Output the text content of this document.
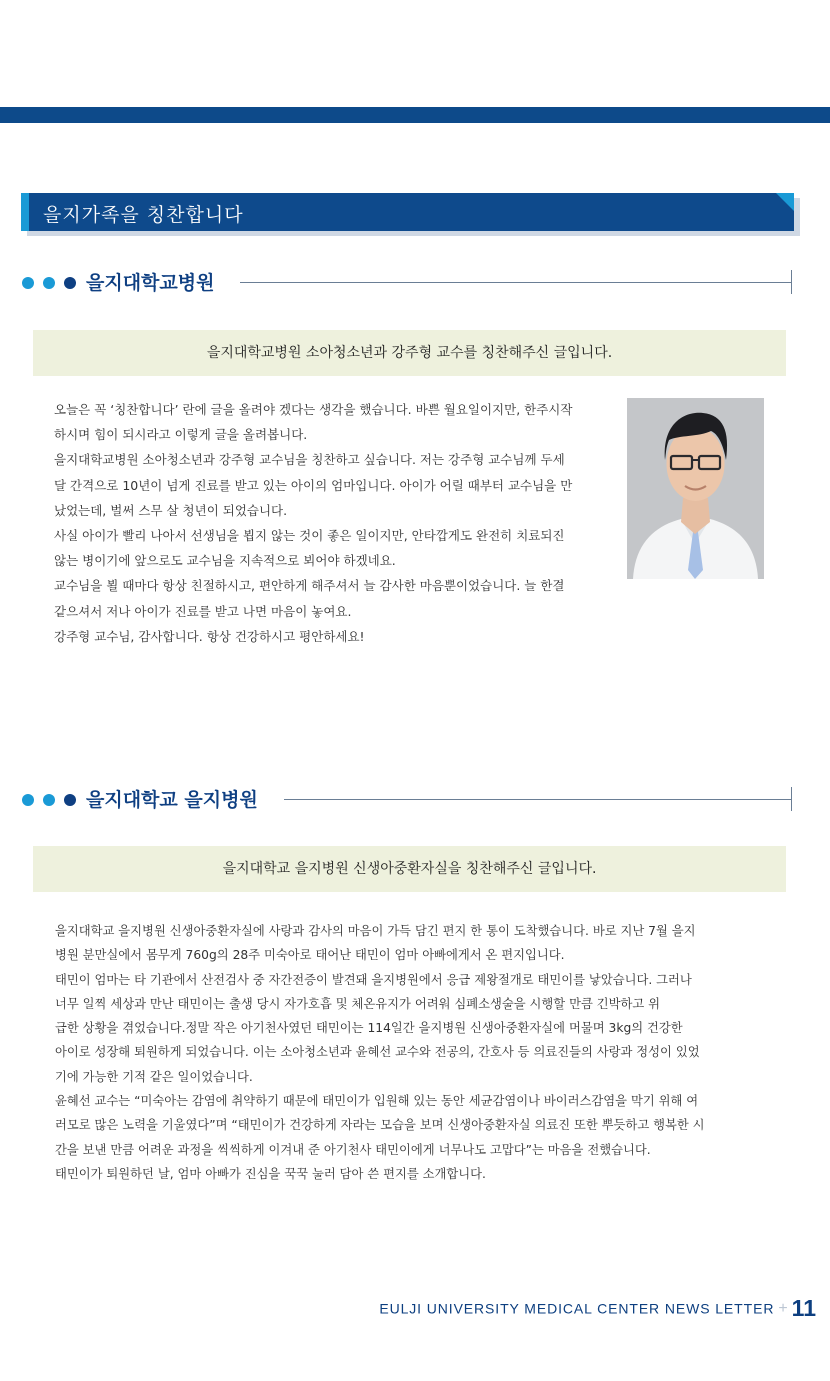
을지가족을 칭찬합니다
을지대학교병원
을지대학교병원 소아청소년과 강주형 교수를 칭찬해주신 글입니다.

오늘은 꼭 ‘칭찬합니다’ 란에 글을 올려야 겠다는 생각을 했습니다. 바쁜 월요일이지만, 한주시작

하시며 힘이 되시라고 이렇게 글을 올려봅니다.

을지대학교병원 소아청소년과 강주형 교수님을 칭찬하고 싶습니다. 저는 강주형 교수님께 두세

달 간격으로 10년이 넘게 진료를 받고 있는 아이의 엄마입니다. 아이가 어릴 때부터 교수님을 만

났었는데, 벌써 스무 살 청년이 되었습니다.

사실 아이가 빨리 나아서 선생님을 뵙지 않는 것이 좋은 일이지만, 안타깝게도 완전히 치료되진

않는 병이기에 앞으로도 교수님을 지속적으로 뵈어야 하겠네요.

교수님을 뵐 때마다 항상 친절하시고, 편안하게 해주셔서 늘 감사한 마음뿐이었습니다. 늘 한결

같으셔서 저나 아이가 진료를 받고 나면 마음이 놓여요.

강주형 교수님, 감사합니다. 항상 건강하시고 평안하세요!

을지대학교 을지병원
을지대학교 을지병원 신생아중환자실을 칭찬해주신 글입니다.

을지대학교 을지병원 신생아중환자실에 사랑과 감사의 마음이 가득 담긴 편지 한 통이 도착했습니다. 바로 지난 7월 을지

병원 분만실에서 몸무게 760g의 28주 미숙아로 태어난 태민이 엄마 아빠에게서 온 편지입니다.

태민이 엄마는 타 기관에서 산전검사 중 자간전증이 발견돼 을지병원에서 응급 제왕절개로 태민이를 낳았습니다. 그러나

너무 일찍 세상과 만난 태민이는 출생 당시 자가호흡 및 체온유지가 어려워 심폐소생술을 시행할 만큼 긴박하고 위

급한 상황을 겪었습니다.정말 작은 아기천사였던 태민이는 114일간 을지병원 신생아중환자실에 머물며 3kg의 건강한

아이로 성장해 퇴원하게 되었습니다. 이는 소아청소년과 윤혜선 교수와 전공의, 간호사 등 의료진들의 사랑과 정성이 있었

기에 가능한 기적 같은 일이었습니다.

윤혜선 교수는 “미숙아는 감염에 취약하기 때문에 태민이가 입원해 있는 동안 세균감염이나 바이러스감염을 막기 위해 여

러모로 많은 노력을 기울였다”며 “태민이가 건강하게 자라는 모습을 보며 신생아중환자실 의료진 또한 뿌듯하고 행복한 시

간을 보낸 만큼 어려운 과정을 씩씩하게 이겨내 준 아기천사 태민이에게 너무나도 고맙다”는 마음을 전했습니다.

태민이가 퇴원하던 날, 엄마 아빠가 진심을 꾹꾹 눌러 담아 쓴 편지를 소개합니다.

EULJI UNIVERSITY MEDICAL CENTER NEWS LETTER + 11
